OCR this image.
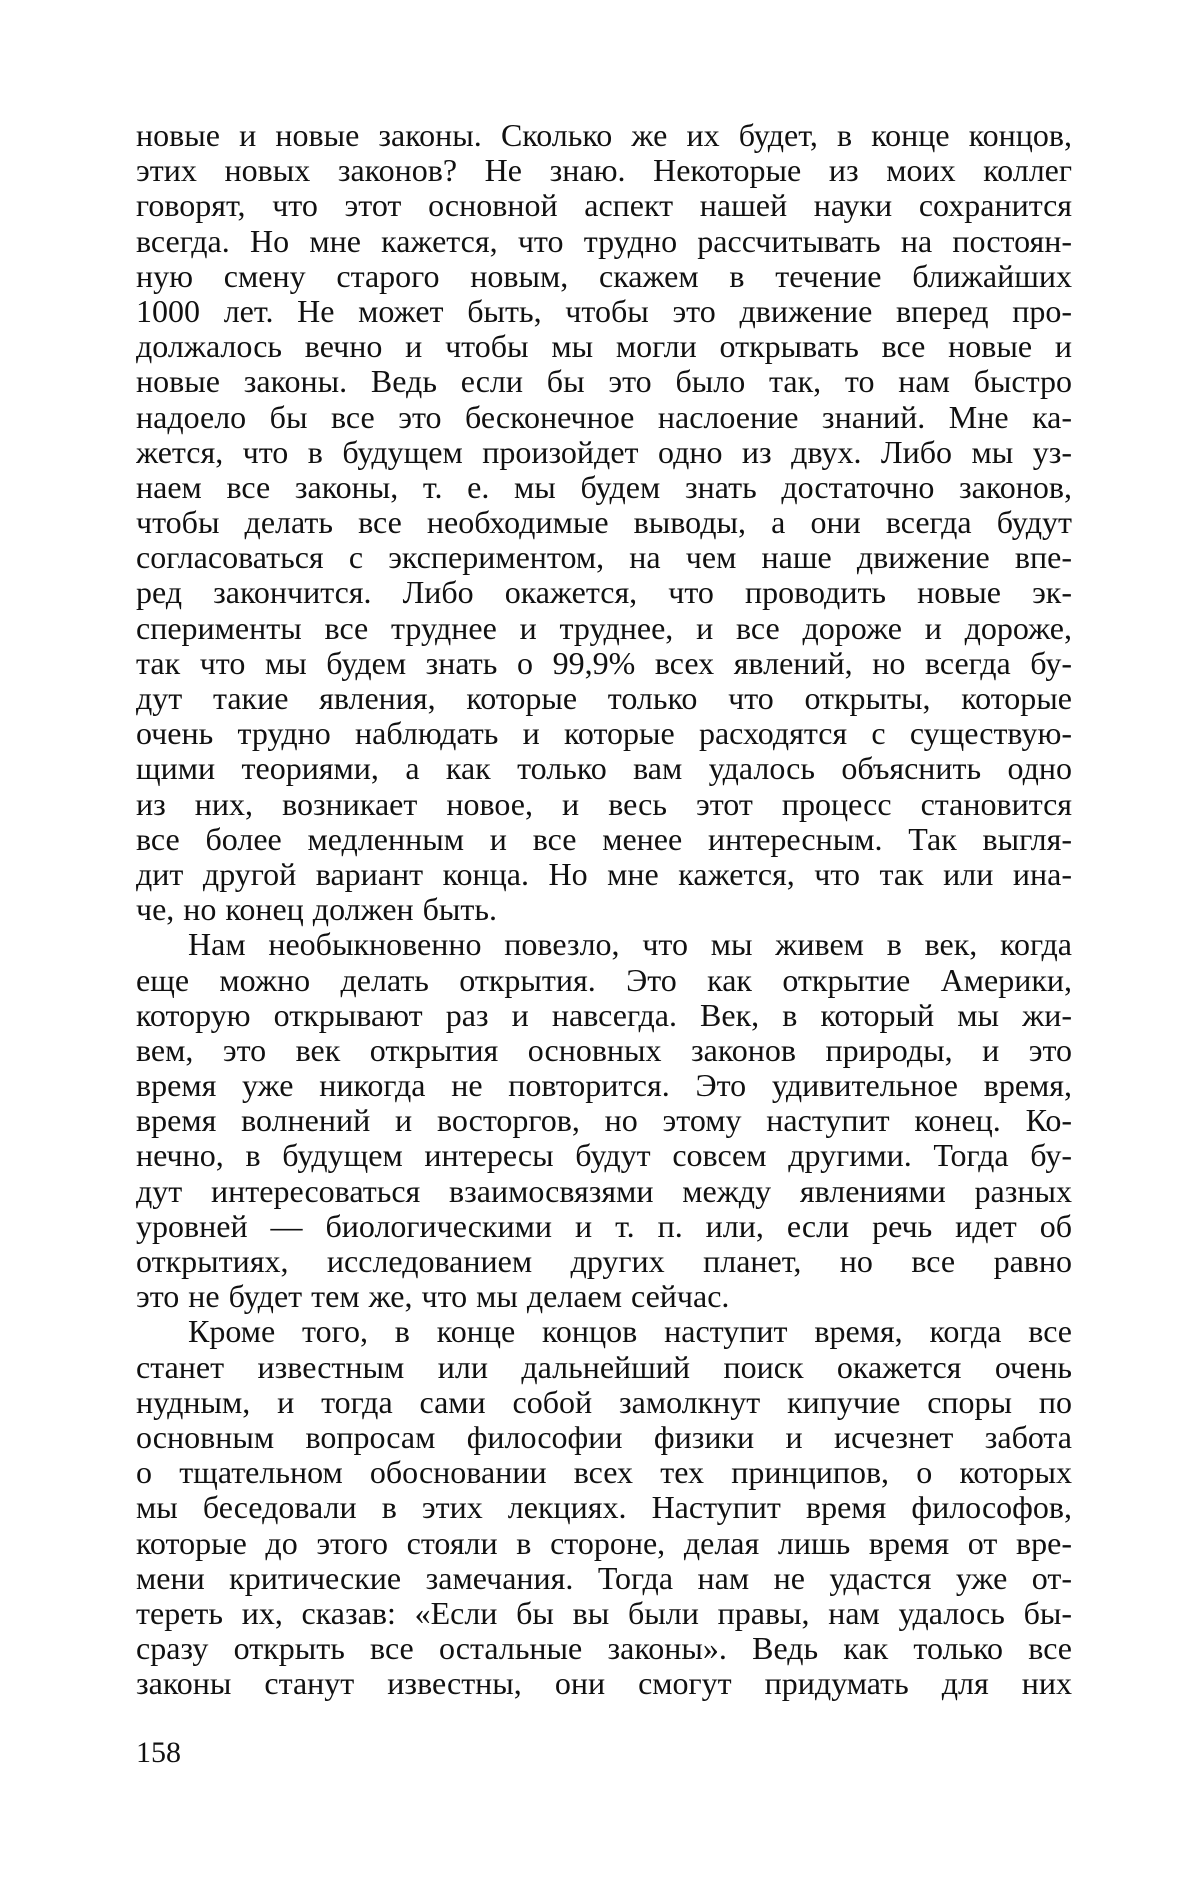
новые и новые законы. Сколько же их будет, в конце концов,
этих новых законов? Не знаю. Некоторые из моих коллег
говорят, что этот основной аспект нашей науки сохранится
всегда. Но мне кажется, что трудно рассчитывать на постоян-
ную смену старого новым, скажем в течение ближайших
1000 лет. Не может быть, чтобы это движение вперед про-
должалось вечно и чтобы мы могли открывать все новые и
новые законы. Ведь если бы это было так, то нам быстро
надоело бы все это бесконечное наслоение знаний. Мне ка-
жется, что в будущем произойдет одно из двух. Либо мы уз-
наем все законы, т. е. мы будем знать достаточно законов,
чтобы делать все необходимые выводы, а они всегда будут
согласоваться с экспериментом, на чем наше движение впе-
ред закончится. Либо окажется, что проводить новые эк-
сперименты все труднее и труднее, и все дороже и дороже,
так что мы будем знать о 99,9% всех явлений, но всегда бу-
дут такие явления, которые только что открыты, которые
очень трудно наблюдать и которые расходятся с существую-
щими теориями, а как только вам удалось объяснить одно
из них, возникает новое, и весь этот процесс становится
все более медленным и все менее интересным. Так выгля-
дит другой вариант конца. Но мне кажется, что так или ина-
че, но конец должен быть.
Нам необыкновенно повезло, что мы живем в век, когда
еще можно делать открытия. Это как открытие Америки,
которую открывают раз и навсегда. Век, в который мы жи-
вем, это век открытия основных законов природы, и это
время уже никогда не повторится. Это удивительное время,
время волнений и восторгов, но этому наступит конец. Ко-
нечно, в будущем интересы будут совсем другими. Тогда бу-
дут интересоваться взаимосвязями между явлениями разных
уровней — биологическими и т. п. или, если речь идет об
открытиях, исследованием других планет, но все равно
это не будет тем же, что мы делаем сейчас.
Кроме того, в конце концов наступит время, когда все
станет известным или дальнейший поиск окажется очень
нудным, и тогда сами собой замолкнут кипучие споры по
основным вопросам философии физики и исчезнет забота
о тщательном обосновании всех тех принципов, о которых
мы беседовали в этих лекциях. Наступит время философов,
которые до этого стояли в стороне, делая лишь время от вре-
мени критические замечания. Тогда нам не удастся уже от-
тереть их, сказав: «Если бы вы были правы, нам удалось бы-
сразу открыть все остальные законы». Ведь как только все
законы станут известны, они смогут придумать для них
158
